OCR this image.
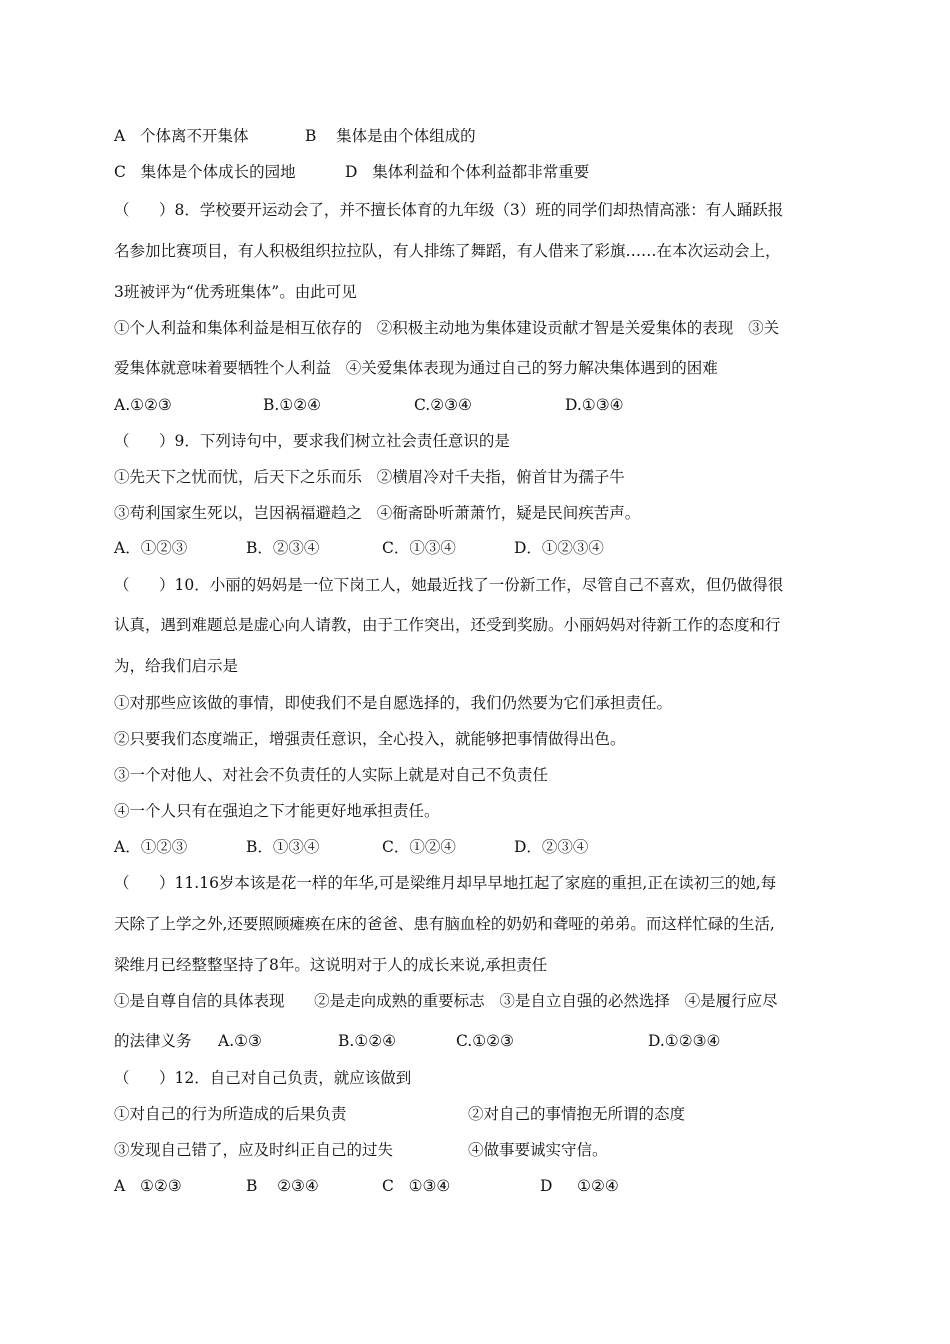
A   个体离不开集体	B    集体是由个体组成的
C   集体是个体成长的园地	D   集体利益和个体利益都非常重要
（      ）8．学校要开运动会了，并不擅长体育的九年级（3）班的同学们却热情高涨：有人踊跃报
名参加比赛项目，有人积极组织拉拉队，有人排练了舞蹈，有人借来了彩旗……在本次运动会上，
3班被评为“优秀班集体”。由此可见
①个人利益和集体利益是相互依存的   ②积极主动地为集体建设贡献才智是关爱集体的表现   ③关
爱集体就意味着要牺牲个人利益   ④关爱集体表现为通过自己的努力解决集体遇到的困难
A.①②③	B.①②④	C.②③④	D.①③④
（      ）9．下列诗句中，要求我们树立社会责任意识的是
①先天下之忧而忧，后天下之乐而乐   ②横眉冷对千夫指，俯首甘为孺子牛
③苟利国家生死以，岂因祸福避趋之   ④衙斋卧听萧萧竹，疑是民间疾苦声。
A．①②③	B．②③④	C．①③④	D．①②③④
（      ）10．小丽的妈妈是一位下岗工人，她最近找了一份新工作，尽管自己不喜欢，但仍做得很
认真，遇到难题总是虚心向人请教，由于工作突出，还受到奖励。小丽妈妈对待新工作的态度和行
为，给我们启示是
①对那些应该做的事情，即使我们不是自愿选择的，我们仍然要为它们承担责任。
②只要我们态度端正，增强责任意识，全心投入，就能够把事情做得出色。
③一个对他人、对社会不负责任的人实际上就是对自己不负责任
④一个人只有在强迫之下才能更好地承担责任。
A．①②③	B．①③④	C．①②④	D．②③④
（      ）11.16岁本该是花一样的年华,可是梁维月却早早地扛起了家庭的重担,正在读初三的她,每
天除了上学之外,还要照顾瘫痪在床的爸爸、患有脑血栓的奶奶和聋哑的弟弟。而这样忙碌的生活,
梁维月已经整整坚持了8年。这说明对于人的成长来说,承担责任
①是自尊自信的具体表现      ②是走向成熟的重要标志   ③是自立自强的必然选择   ④是履行应尽
的法律义务 A.①③	B.①②④	C.①②③	D.①②③④
（      ）12．自己对自己负责，就应该做到
①对自己的行为所造成的后果负责	②对自己的事情抱无所谓的态度
③发现自己错了，应及时纠正自己的过失	④做事要诚实守信。
A   ①②③	B    ②③④	C   ①③④	D     ①②④
